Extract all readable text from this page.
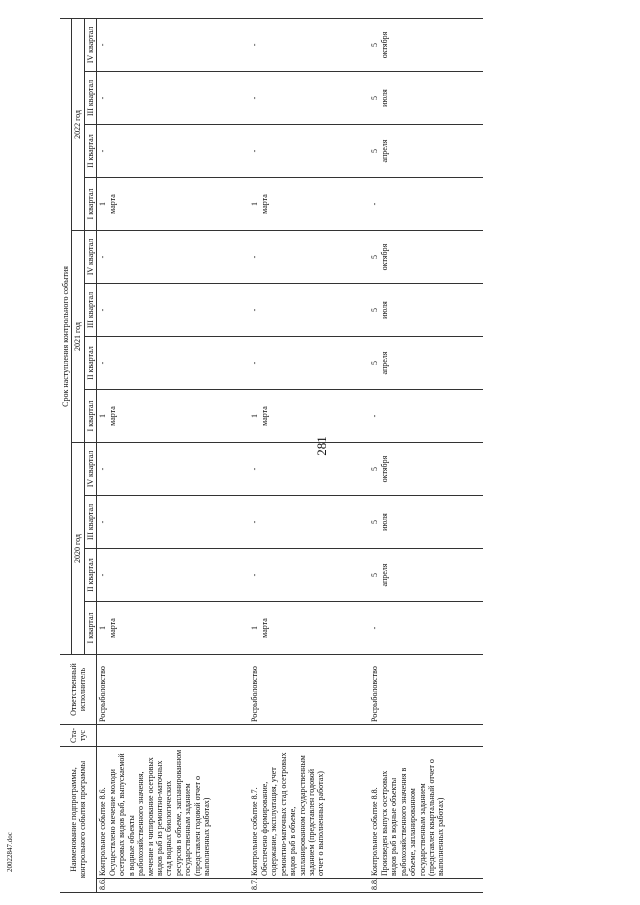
281
Наименование подпрограммы, контрольного события программы		Ста-тус	Ответственный исполнитель	Срок наступления контрольного события											
				2020 год				2021 год				2022 год			
				I квартал	II квартал	III квартал	IV квартал	I квартал	II квартал	III квартал	IV квартал	I квартал	II квартал	III квартал	IV квартал
8.6.	Контрольное событие 8.6. Осуществлено мечение молоди осетровых видов рыб, выпускаемой в водные объекты рыбохозяйственного значения, мечение и чипирование осетровых видов рыб из ремонтно-маточных стад водных биологических ресурсов в объеме, запланированном государственным заданием (представлен годовой отчет о выполненных работах)		Росрыболовство	1 марта	-	-	-	1 марта	-	-	-	1 марта	-	-	-

8.7.	Контрольное событие 8.7. Обеспечено формирование, содержание, эксплуатация, учет ремонтно-маточных стад осетровых видов рыб в объеме, запланированном государственным заданием (представлен годовой отчет о выполненных работах)		Росрыболовство	1 марта	-	-	-	1 марта	-	-	-	1 марта	-	-	-

8.8.	Контрольное событие 8.8. Произведен выпуск осетровых видов рыб в водные объекты рыбохозяйственного значения в объеме, запланированном государственным заданием (представлен квартальный отчет о выполненных работах)		Росрыболовство	-	5 апреля	5 июля	5 октября	-	5 апреля	5 июля	5 октября	-	5 апреля	5 июля	5 октября
20022847.doc
